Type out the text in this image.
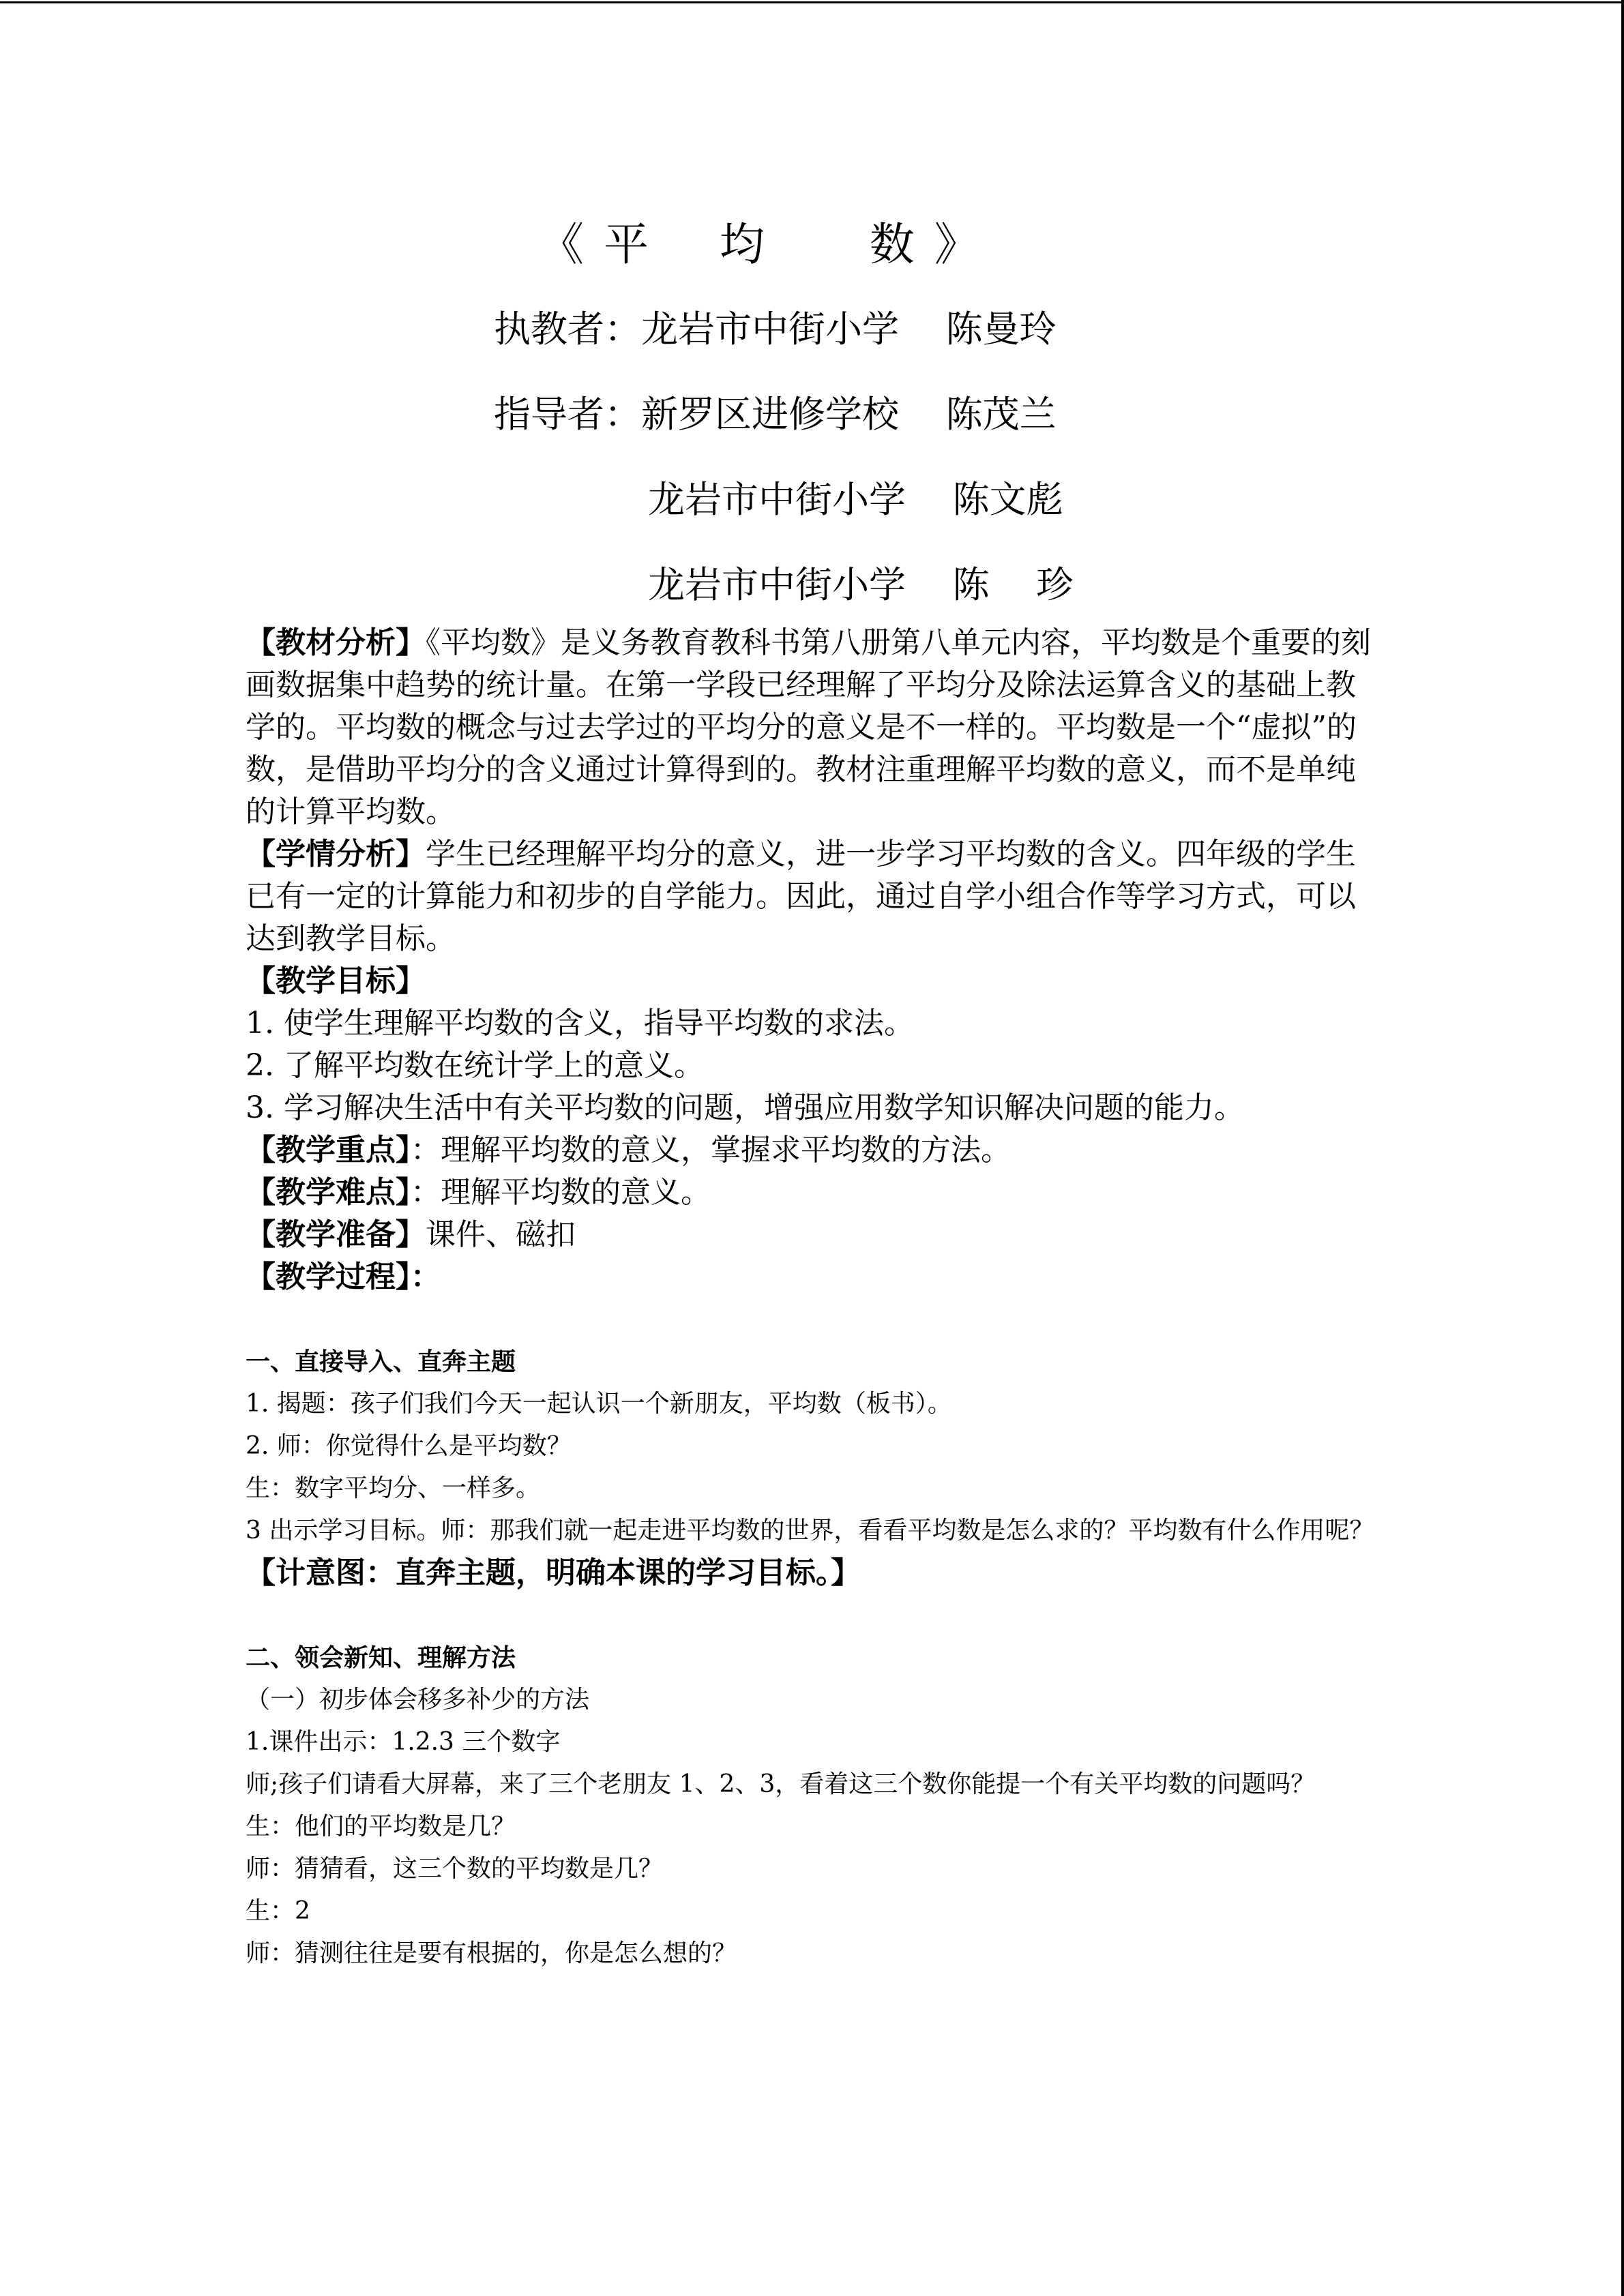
《 平    均      数 》
执教者：龙岩市中街小学    陈曼玲
指导者：新罗区进修学校    陈茂兰
龙岩市中街小学    陈文彪
龙岩市中街小学    陈    珍

【教材分析】《平均数》是义务教育教科书第八册第八单元内容，平均数是个重要的刻画数据集中趋势的统计量。在第一学段已经理解了平均分及除法运算含义的基础上教学的。平均数的概念与过去学过的平均分的意义是不一样的。平均数是一个“虚拟”的数，是借助平均分的含义通过计算得到的。教材注重理解平均数的意义，而不是单纯的计算平均数。

【学情分析】学生已经理解平均分的意义，进一步学习平均数的含义。四年级的学生已有一定的计算能力和初步的自学能力。因此，通过自学小组合作等学习方式，可以达到教学目标。

【教学目标】

1. 使学生理解平均数的含义，指导平均数的求法。

2. 了解平均数在统计学上的意义。

3. 学习解决生活中有关平均数的问题，增强应用数学知识解决问题的能力。

【教学重点】：理解平均数的意义，掌握求平均数的方法。

【教学难点】：理解平均数的意义。

【教学准备】课件、磁扣

【教学过程】：

一、直接导入、直奔主题

1. 揭题：孩子们我们今天一起认识一个新朋友，平均数（板书）。

2. 师：你觉得什么是平均数？

生：数字平均分、一样多。

3 出示学习目标。师：那我们就一起走进平均数的世界，看看平均数是怎么求的？平均数有什么作用呢？

【计意图：直奔主题，明确本课的学习目标。】

二、领会新知、理解方法

（一）初步体会移多补少的方法

1.课件出示：1.2.3 三个数字

师;孩子们请看大屏幕，来了三个老朋友 1、2、3，看着这三个数你能提一个有关平均数的问题吗？

生：他们的平均数是几？

师：猜猜看，这三个数的平均数是几？

生：2

师：猜测往往是要有根据的，你是怎么想的？
